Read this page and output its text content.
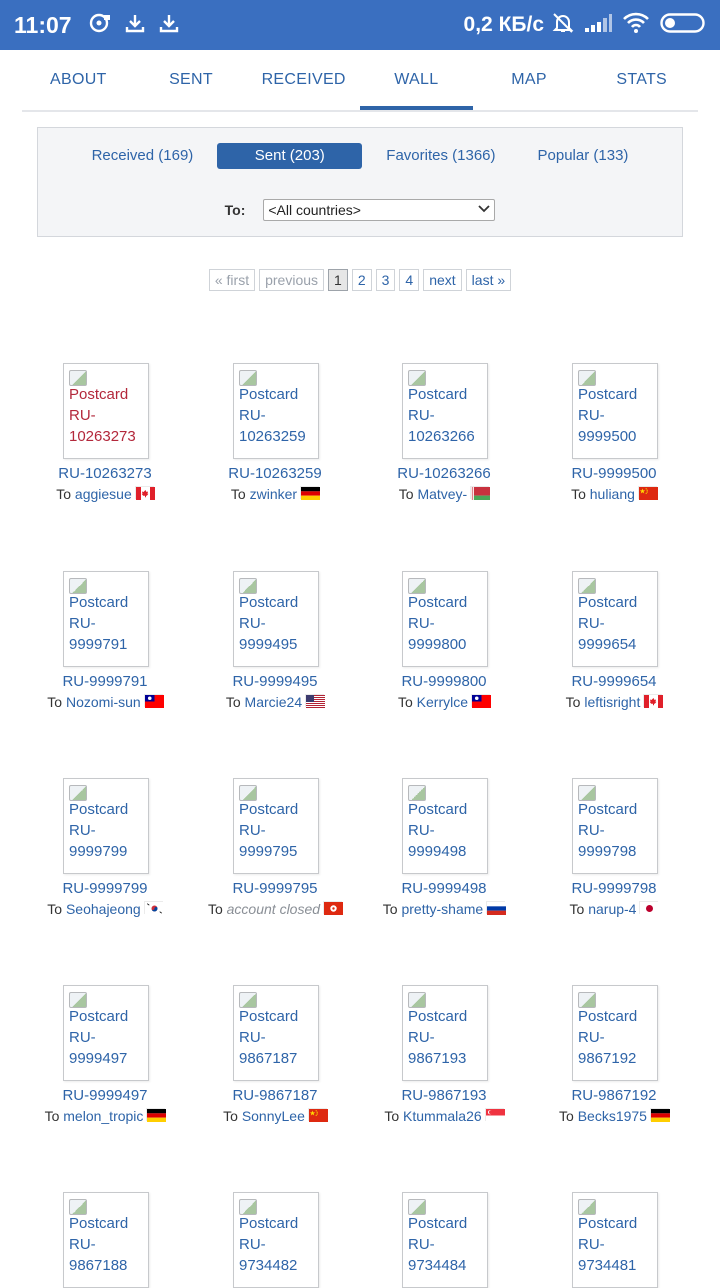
11:07	0,2 КБ/с
ABOUT	SENT	RECEIVED	WALL	MAP	STATS
Received (169)	Sent (203)	Favorites (1366)	Popular (133)
To: <All countries>
« first	previous	1	2	3	4	next	last »
Postcard
RU-
10263273
RU-10263273
To aggiesue
Postcard
RU-
10263259
RU-10263259
To zwinker
Postcard
RU-
10263266
RU-10263266
To Matvey-
Postcard
RU-
9999500
RU-9999500
To huliang
Postcard
RU-
9999791
RU-9999791
To Nozomi-sun
Postcard
RU-
9999495
RU-9999495
To Marcie24
Postcard
RU-
9999800
RU-9999800
To Kerrylce
Postcard
RU-
9999654
RU-9999654
To leftisright
Postcard
RU-
9999799
RU-9999799
To Seohajeong
Postcard
RU-
9999795
RU-9999795
To account closed
Postcard
RU-
9999498
RU-9999498
To pretty-shame
Postcard
RU-
9999798
RU-9999798
To narup-4
Postcard
RU-
9999497
RU-9999497
To melon_tropic
Postcard
RU-
9867187
RU-9867187
To SonnyLee
Postcard
RU-
9867193
RU-9867193
To Ktummala26
Postcard
RU-
9867192
RU-9867192
To Becks1975
Postcard
RU-
9867188
Postcard
RU-
9734482
Postcard
RU-
9734484
Postcard
RU-
9734481
